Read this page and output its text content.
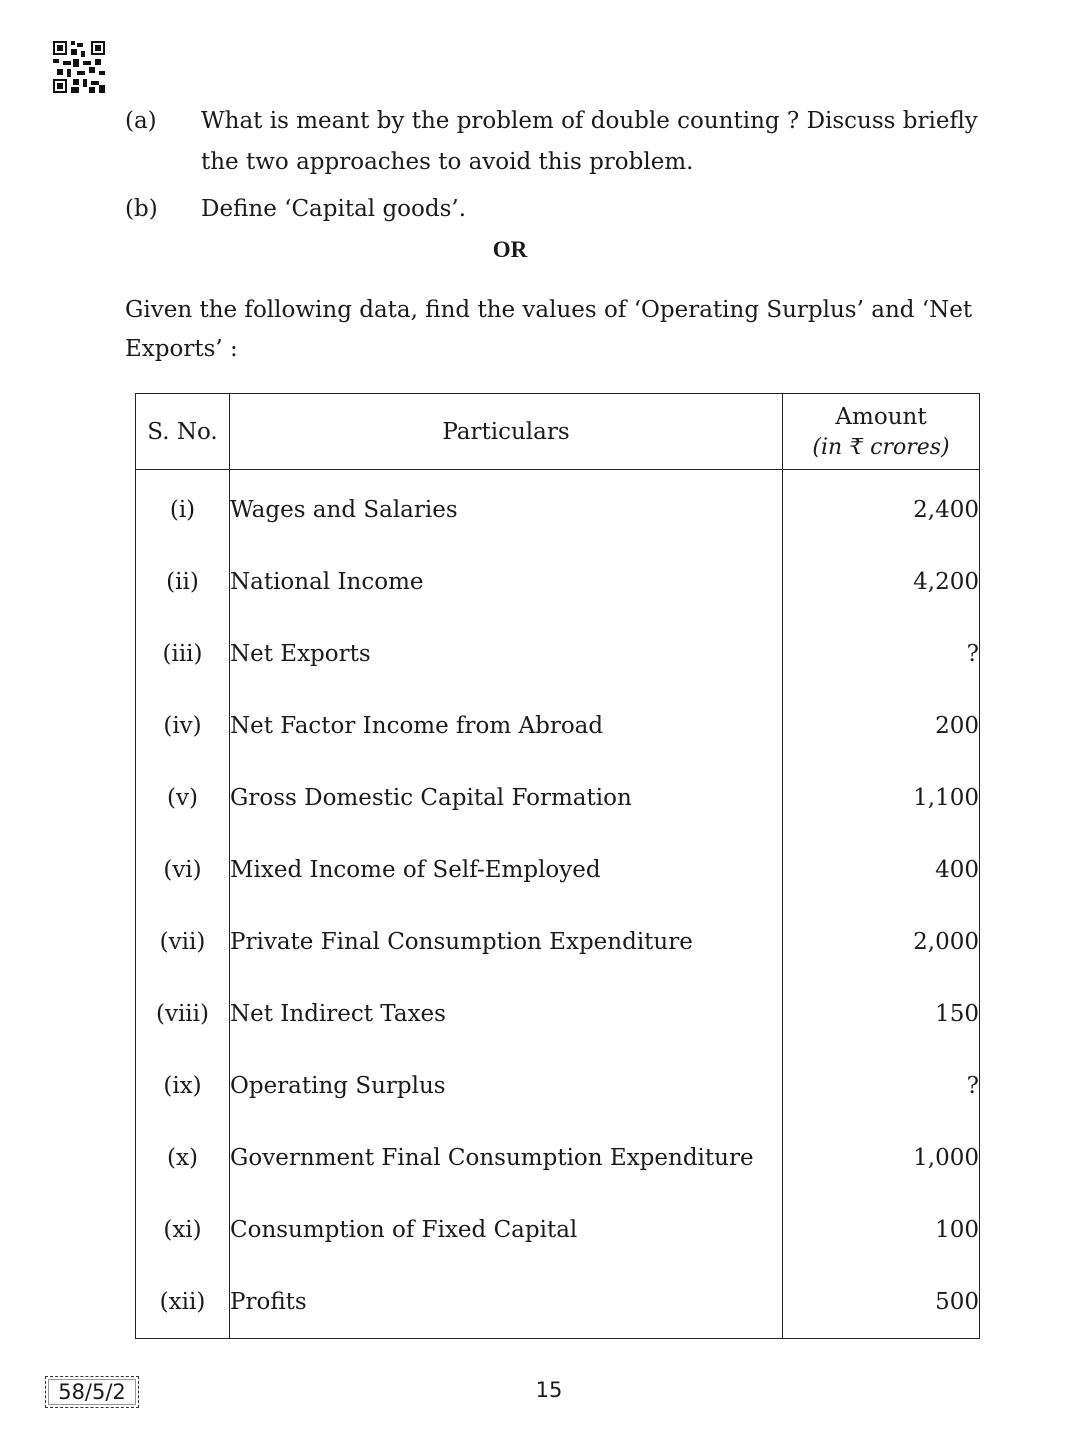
(a) What is meant by the problem of double counting ? Discuss briefly the two approaches to avoid this problem.
(b) Define ‘Capital goods’.
OR
Given the following data, find the values of ‘Operating Surplus’ and ‘Net Exports’ :
S. No.	Particulars	Amount
(in ₹ crores)

(i)	Wages and Salaries	2,400
(ii)	National Income	4,200
(iii)	Net Exports	?
(iv)	Net Factor Income from Abroad	200
(v)	Gross Domestic Capital Formation	1,100
(vi)	Mixed Income of Self-Employed	400
(vii)	Private Final Consumption Expenditure	2,000
(viii)	Net Indirect Taxes	150
(ix)	Operating Surplus	?
(x)	Government Final Consumption Expenditure	1,000
(xi)	Consumption of Fixed Capital	100
(xii)	Profits	500
58/5/2	15
